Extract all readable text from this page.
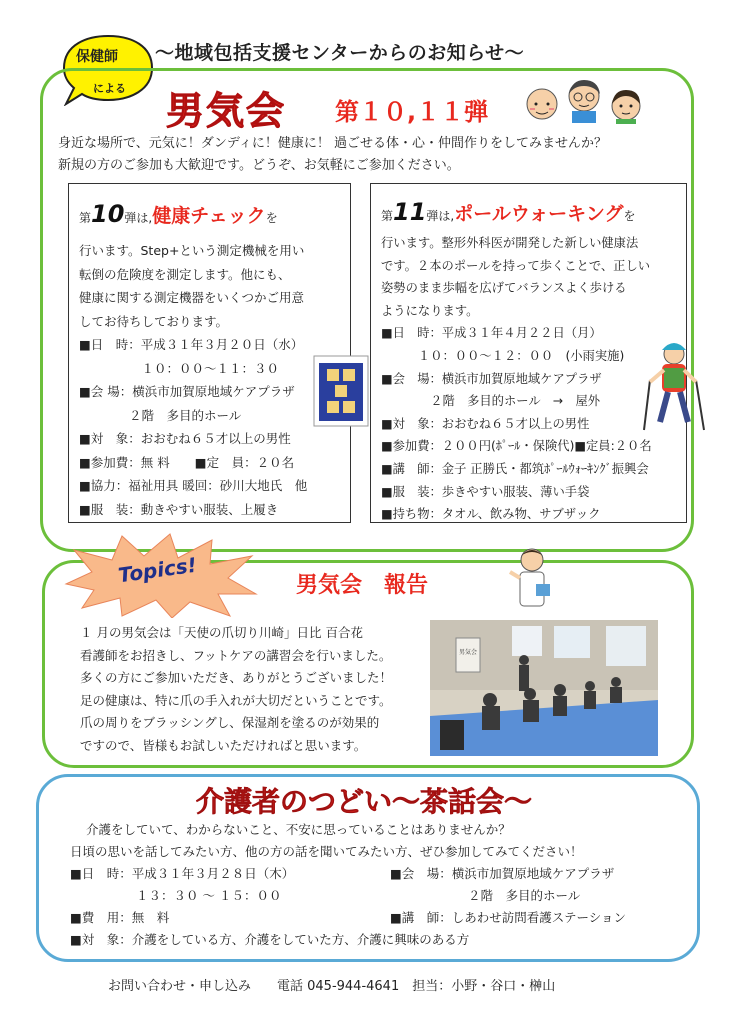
保健師
による
～地域包括支援センターからのお知らせ～
男気会 第１０,１１弾
身近な場所で、元気に！ダンディに！健康に！ 過ごせる体・心・仲間作りをしてみませんか？
新規の方のご参加も大歓迎です。どうぞ、お気軽にご参加ください。
第10弾は,健康チェックを
行います。Step+という測定機械を用い
転倒の危険度を測定します。他にも、
健康に関する測定機器をいくつかご用意
してお待ちしております。
■日　時：平成３１年３月２０日（水）
　　　　　１０：００～１１：３０
■会 場：横浜市加賀原地域ケアプラザ
　　　　２階　多目的ホール
■対　象：おおむね６５才以上の男性
■参加費：無 料　　■定　員：２０名
■協力：福祉用具 暖回：砂川大地氏　他
■服　装：動きやすい服装、上履き
第11弾は,ポールウォーキングを
行います。整形外科医が開発した新しい健康法
です。２本のポールを持って歩くことで、正しい
姿勢のまま歩幅を広げてバランスよく歩ける
ようになります。
■日　時：平成３１年４月２２日（月）
　　　１０：００～１２：００　(小雨実施)
■会　場：横浜市加賀原地域ケアプラザ
　　　　２階　多目的ホール　→　屋外
■対　象：おおむね６５才以上の男性
■参加費：２００円(ﾎﾟｰﾙ・保険代)■定員:２０名
■講　師：金子 正勝氏・都筑ﾎﾟｰﾙｳｫｰｷﾝｸﾞ振興会
■服　装：歩きやすい服装、薄い手袋
■持ち物：タオル、飲み物、サブザック
Topics!	男気会　報告
１ 月の男気会は「天使の爪切り川崎」日比 百合花
看護師をお招きし、フットケアの講習会を行いました。
多くの方にご参加いただき、ありがとうございました！
足の健康は、特に爪の手入れが大切だということです。
爪の周りをブラッシングし、保湿剤を塗るのが効果的
ですので、皆様もお試しいただければと思います。
男気会
介護者のつどい～茶話会～
介護をしていて、わからないこと、不安に思っていることはありませんか？
日頃の思いを話してみたい方、他の方の話を聞いてみたい方、ぜひ参加してみてください！
■日　時：平成３１年３月２８日（木）
１３：３０ ～ １５：００
■会　場：横浜市加賀原地域ケアプラザ
２階　多目的ホール
■費　用：無　料	■講　師：しあわせ訪問看護ステーション
■対　象：介護をしている方、介護をしていた方、介護に興味のある方
お問い合わせ・申し込み　　電話 045-944-4641　担当：小野・谷口・榊山
